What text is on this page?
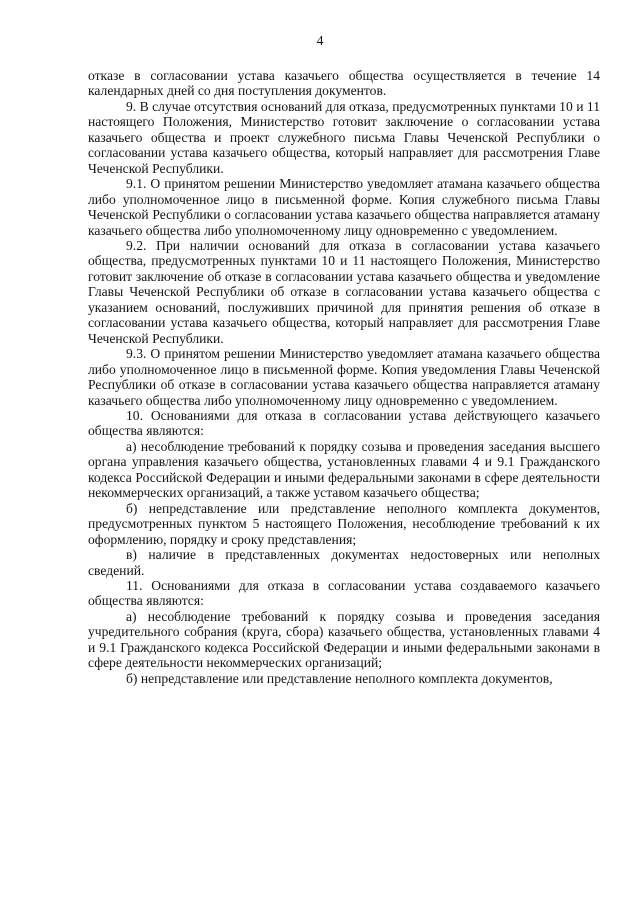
4

отказе в согласовании устава казачьего общества осуществляется в течение 14 календарных дней со дня поступления документов.

9. В случае отсутствия оснований для отказа, предусмотренных пунктами 10 и 11 настоящего Положения, Министерство готовит заключение о согласовании устава казачьего общества и проект служебного письма Главы Чеченской Республики о согласовании устава казачьего общества, который направляет для рассмотрения Главе Чеченской Республики.

9.1. О принятом решении Министерство уведомляет атамана казачьего общества либо уполномоченное лицо в письменной форме. Копия служебного письма Главы Чеченской Республики о согласовании устава казачьего общества направляется атаману казачьего общества либо уполномоченному лицу одновременно с уведомлением.

9.2. При наличии оснований для отказа в согласовании устава казачьего общества, предусмотренных пунктами 10 и 11 настоящего Положения, Министерство готовит заключение об отказе в согласовании устава казачьего общества и уведомление Главы Чеченской Республики об отказе в согласовании устава казачьего общества с указанием оснований, послуживших причиной для принятия решения об отказе в согласовании устава казачьего общества, который направляет для рассмотрения Главе Чеченской Республики.

9.3. О принятом решении Министерство уведомляет атамана казачьего общества либо уполномоченное лицо в письменной форме. Копия уведомления Главы Чеченской Республики об отказе в согласовании устава казачьего общества направляется атаману казачьего общества либо уполномоченному лицу одновременно с уведомлением.

10. Основаниями для отказа в согласовании устава действующего казачьего общества являются:

а) несоблюдение требований к порядку созыва и проведения заседания высшего органа управления казачьего общества, установленных главами 4 и 9.1 Гражданского кодекса Российской Федерации и иными федеральными законами в сфере деятельности некоммерческих организаций, а также уставом казачьего общества;

б) непредставление или представление неполного комплекта документов, предусмотренных пунктом 5 настоящего Положения, несоблюдение требований к их оформлению, порядку и сроку представления;

в) наличие в представленных документах недостоверных или неполных сведений.

11. Основаниями для отказа в согласовании устава создаваемого казачьего общества являются:

а) несоблюдение требований к порядку созыва и проведения заседания учредительного собрания (круга, сбора) казачьего общества, установленных главами 4 и 9.1 Гражданского кодекса Российской Федерации и иными федеральными законами в сфере деятельности некоммерческих организаций;

б) непредставление или представление неполного комплекта документов,
